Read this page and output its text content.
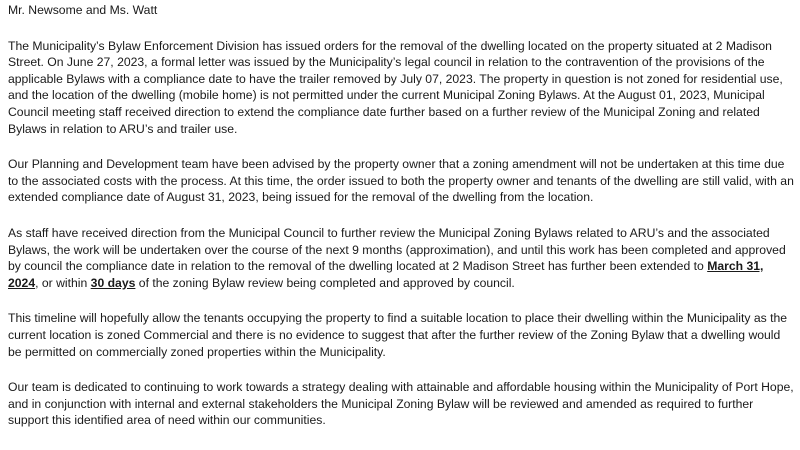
Mr. Newsome and Ms. Watt

The Municipality’s Bylaw Enforcement Division has issued orders for the removal of the dwelling located on the property situated at 2 Madison Street. On June 27, 2023, a formal letter was issued by the Municipality’s legal council in relation to the contravention of the provisions of the applicable Bylaws with a compliance date to have the trailer removed by July 07, 2023. The property in question is not zoned for residential use, and the location of the dwelling (mobile home) is not permitted under the current Municipal Zoning Bylaws. At the August 01, 2023, Municipal Council meeting staff received direction to extend the compliance date further based on a further review of the Municipal Zoning and related Bylaws in relation to ARU’s and trailer use.

Our Planning and Development team have been advised by the property owner that a zoning amendment will not be undertaken at this time due to the associated costs with the process. At this time, the order issued to both the property owner and tenants of the dwelling are still valid, with an extended compliance date of August 31, 2023, being issued for the removal of the dwelling from the location.

As staff have received direction from the Municipal Council to further review the Municipal Zoning Bylaws related to ARU’s and the associated Bylaws, the work will be undertaken over the course of the next 9 months (approximation), and until this work has been completed and approved by council the compliance date in relation to the removal of the dwelling located at 2 Madison Street has further been extended to March 31, 2024, or within 30 days of the zoning Bylaw review being completed and approved by council.

This timeline will hopefully allow the tenants occupying the property to find a suitable location to place their dwelling within the Municipality as the current location is zoned Commercial and there is no evidence to suggest that after the further review of the Zoning Bylaw that a dwelling would be permitted on commercially zoned properties within the Municipality.

Our team is dedicated to continuing to work towards a strategy dealing with attainable and affordable housing within the Municipality of Port Hope, and in conjunction with internal and external stakeholders the Municipal Zoning Bylaw will be reviewed and amended as required to further support this identified area of need within our communities.
